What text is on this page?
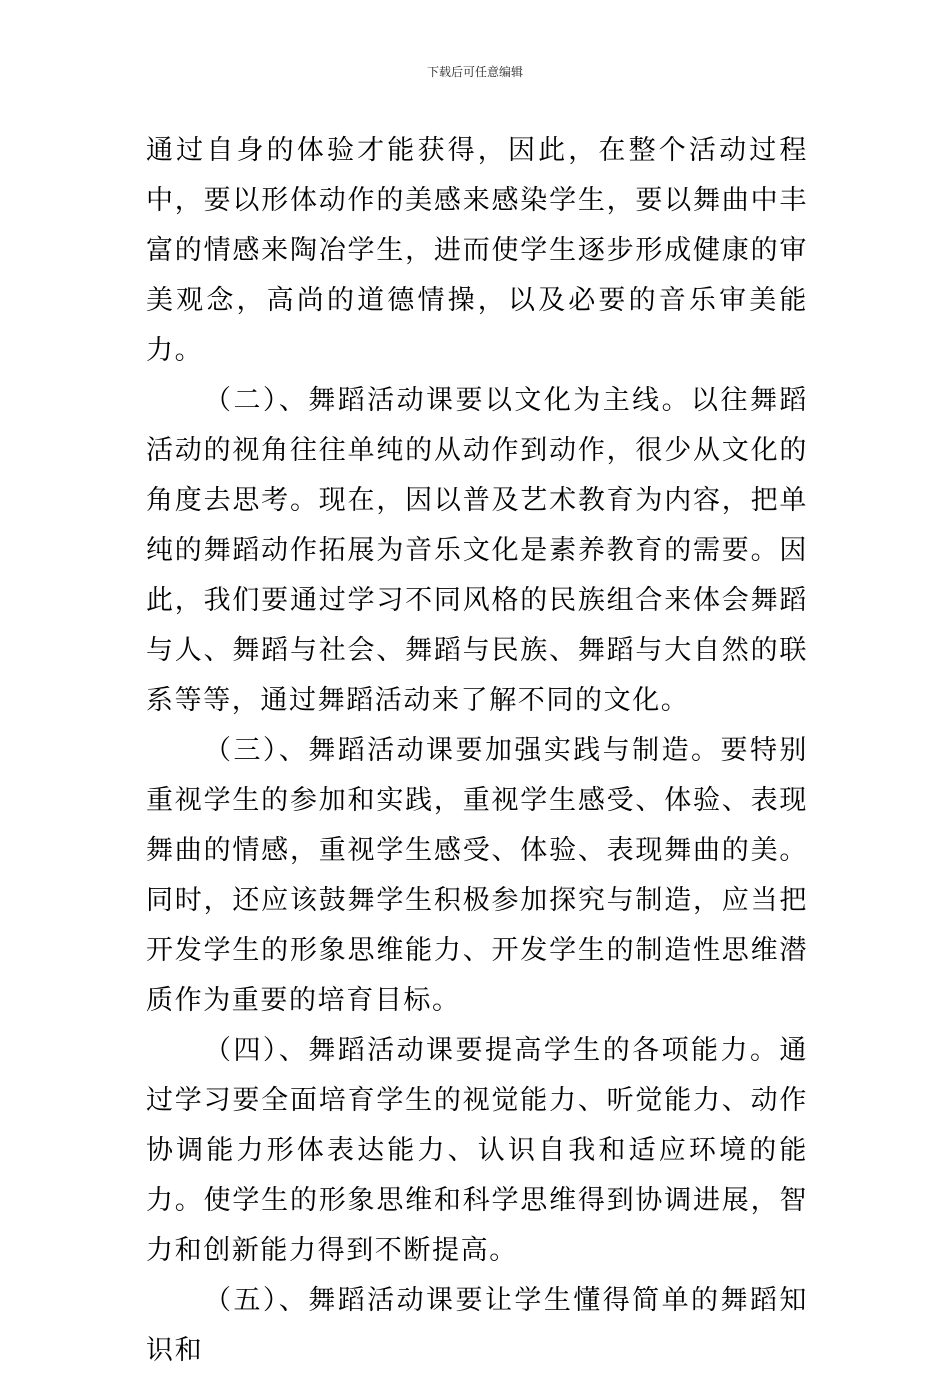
下载后可任意编辑

通过自身的体验才能获得，因此，在整个活动过程中，要以形体动作的美感来感染学生，要以舞曲中丰富的情感来陶冶学生，进而使学生逐步形成健康的审美观念，高尚的道德情操，以及必要的音乐审美能力。

（二）、舞蹈活动课要以文化为主线。以往舞蹈活动的视角往往单纯的从动作到动作，很少从文化的角度去思考。现在，因以普及艺术教育为内容，把单纯的舞蹈动作拓展为音乐文化是素养教育的需要。因此，我们要通过学习不同风格的民族组合来体会舞蹈与人、舞蹈与社会、舞蹈与民族、舞蹈与大自然的联系等等，通过舞蹈活动来了解不同的文化。

（三）、舞蹈活动课要加强实践与制造。要特别重视学生的参加和实践，重视学生感受、体验、表现舞曲的情感，重视学生感受、体验、表现舞曲的美。同时，还应该鼓舞学生积极参加探究与制造，应当把开发学生的形象思维能力、开发学生的制造性思维潜质作为重要的培育目标。

（四）、舞蹈活动课要提高学生的各项能力。通过学习要全面培育学生的视觉能力、听觉能力、动作协调能力形体表达能力、认识自我和适应环境的能力。使学生的形象思维和科学思维得到协调进展，智力和创新能力得到不断提高。

（五）、舞蹈活动课要让学生懂得简单的舞蹈知识和
